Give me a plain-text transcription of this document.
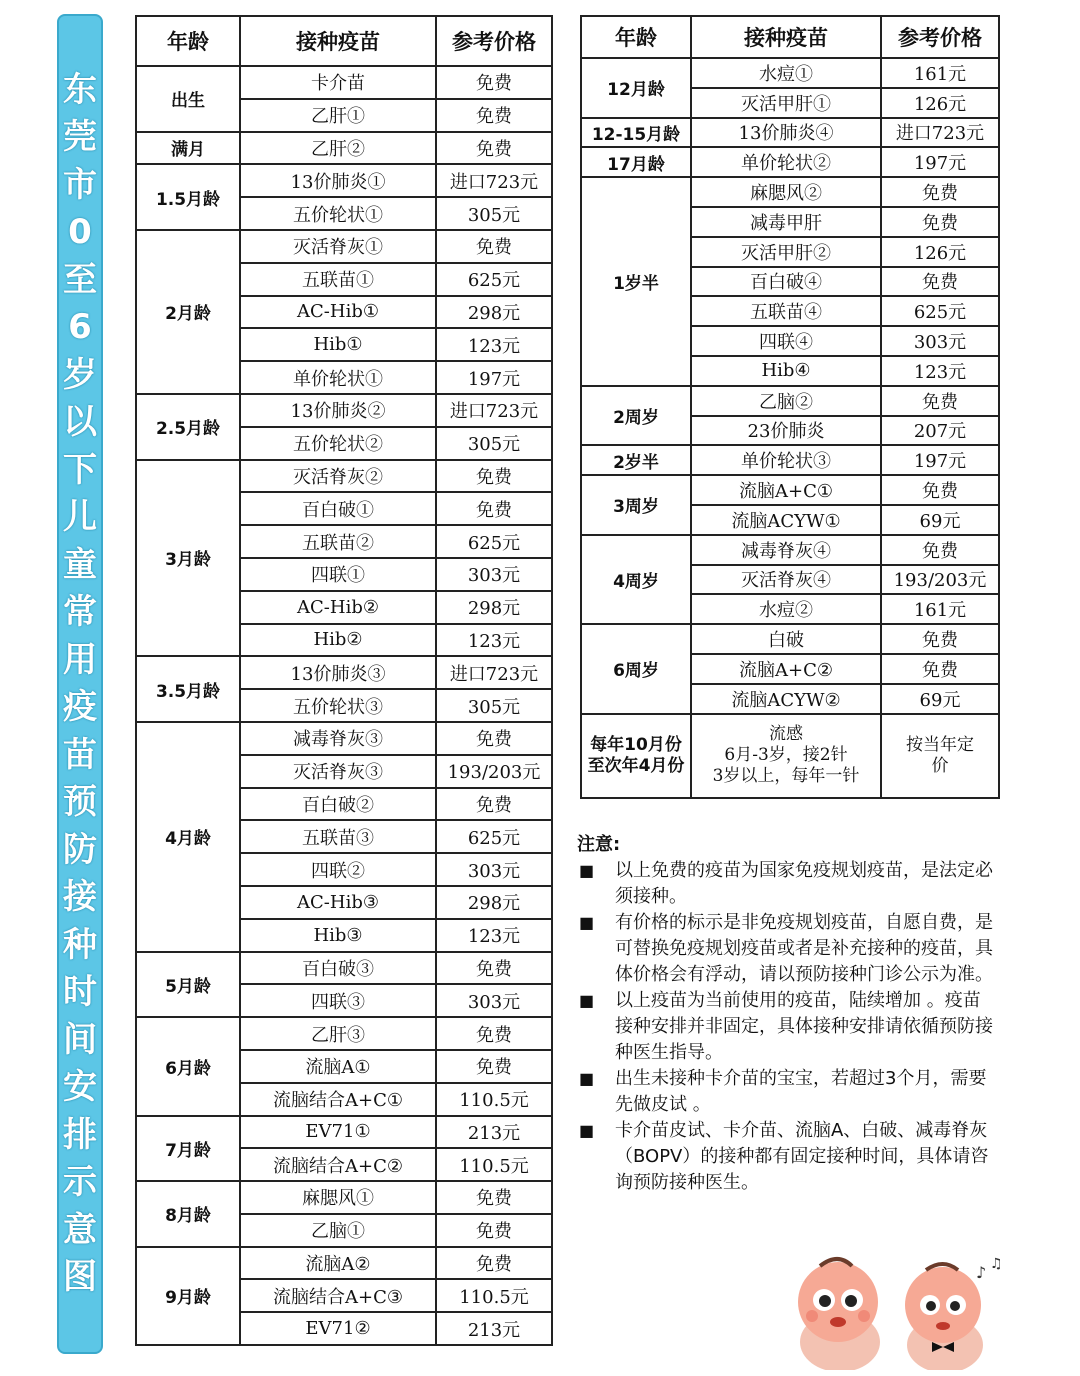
东
莞
市
0
至
6
岁
以
下
儿
童
常
用
疫
苗
预
防
接
种
时
间
安
排
示
意
图
年龄	接种疫苗	参考价格
出生	卡介苗	免费
	乙肝①	免费
满月	乙肝②	免费
1.5月龄	13价肺炎①	进口723元
	五价轮状①	305元
2月龄	灭活脊灰①	免费
	五联苗①	625元
	AC-Hib①	298元
	Hib①	123元
	单价轮状①	197元
2.5月龄	13价肺炎②	进口723元
	五价轮状②	305元
3月龄	灭活脊灰②	免费
	百白破①	免费
	五联苗②	625元
	四联①	303元
	AC-Hib②	298元
	Hib②	123元
3.5月龄	13价肺炎③	进口723元
	五价轮状③	305元
4月龄	减毒脊灰③	免费
	灭活脊灰③	193/203元
	百白破②	免费
	五联苗③	625元
	四联②	303元
	AC-Hib③	298元
	Hib③	123元
5月龄	百白破③	免费
	四联③	303元
6月龄	乙肝③	免费
	流脑A①	免费
	流脑结合A+C①	110.5元
7月龄	EV71①	213元
	流脑结合A+C②	110.5元
8月龄	麻腮风①	免费
	乙脑①	免费
9月龄	流脑A②	免费
	流脑结合A+C③	110.5元
	EV71②	213元
年龄	接种疫苗	参考价格
12月龄	水痘①	161元
	灭活甲肝①	126元
12-15月龄	13价肺炎④	进口723元
17月龄	单价轮状②	197元
1岁半	麻腮风②	免费
	减毒甲肝	免费
	灭活甲肝②	126元
	百白破④	免费
	五联苗④	625元
	四联④	303元
	Hib④	123元
2周岁	乙脑②	免费
	23价肺炎	207元
2岁半	单价轮状③	197元
3周岁	流脑A+C①	免费
	流脑ACYW①	69元
4周岁	减毒脊灰④	免费
	灭活脊灰④	193/203元
	水痘②	161元
6周岁	白破	免费
	流脑A+C②	免费
	流脑ACYW②	69元
每年10月份至次年4月份	流感
6月-3岁，接2针
3岁以上，每年一针	按当年定价
注意:
■ 以上免费的疫苗为国家免疫规划疫苗，是法定必须接种。
■ 有价格的标示是非免疫规划疫苗，自愿自费，是可替换免疫规划疫苗或者是补充接种的疫苗，具体价格会有浮动，请以预防接种门诊公示为准。
■ 以上疫苗为当前使用的疫苗，陆续增加 。疫苗接种安排并非固定，具体接种安排请依循预防接种医生指导。
■ 出生未接种卡介苗的宝宝，若超过3个月，需要先做皮试 。
■ 卡介苗皮试、卡介苗、流脑A、白破、减毒脊灰（BOPV）的接种都有固定接种时间，具体请咨询预防接种医生。
♪ ♫
